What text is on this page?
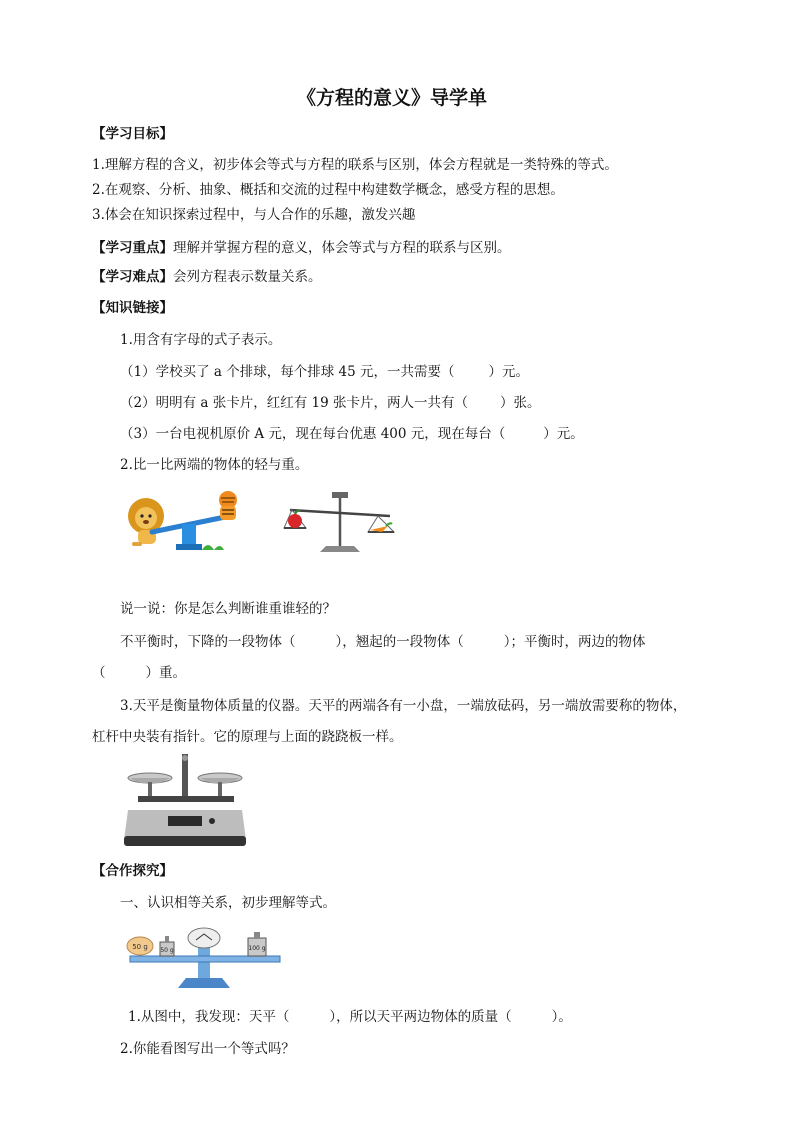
《方程的意义》导学单
【学习目标】
1.理解方程的含义，初步体会等式与方程的联系与区别，体会方程就是一类特殊的等式。
2.在观察、分析、抽象、概括和交流的过程中构建数学概念，感受方程的思想。
3.体会在知识探索过程中，与人合作的乐趣，激发兴趣
【学习重点】理解并掌握方程的意义，体会等式与方程的联系与区别。
【学习难点】会列方程表示数量关系。
【知识链接】
1.用含有字母的式子表示。
（1）学校买了 a 个排球，每个排球 45 元，一共需要（	）元。
（2）明明有 a 张卡片，红红有 19 张卡片，两人一共有（ ）张。
（3）一台电视机原价 A 元，现在每台优惠 400 元，现在每台（	）元。
2.比一比两端的物体的轻与重。
说一说：你是怎么判断谁重谁轻的？
不平衡时，下降的一段物体（	），翘起的一段物体（	）；平衡时，两边的物体
（	）重。
3.天平是衡量物体质量的仪器。天平的两端各有一小盘，一端放砝码，另一端放需要称的物体，
杠杆中央装有指针。它的原理与上面的跷跷板一样。
【合作探究】
一、认识相等关系，初步理解等式。
50 g 50 g	100 g
1.从图中，我发现：天平（	），所以天平两边物体的质量（	）。
2.你能看图写出一个等式吗？
